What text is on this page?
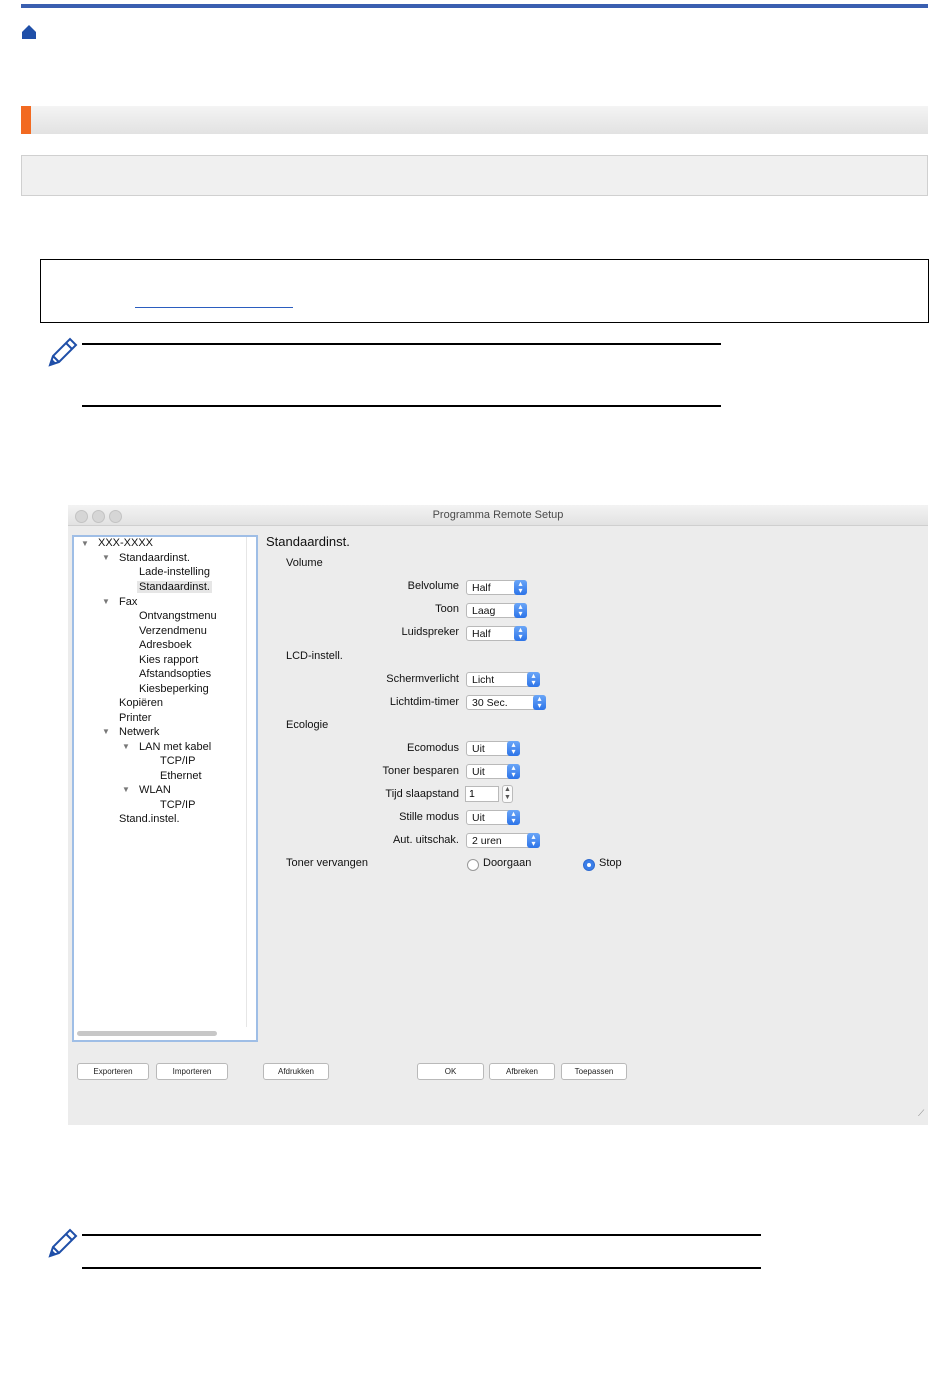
Programma Remote Setup
▼ XXX-XXXX
▼ Standaardinst.
Lade-instelling
Standaardinst.
▼ Fax
Ontvangstmenu
Verzendmenu
Adresboek
Kies rapport
Afstandsopties
Kiesbeperking
Kopiëren
Printer
▼ Netwerk
▼ LAN met kabel
TCP/IP
Ethernet
▼ WLAN
TCP/IP
Stand.instel.
Standaardinst.
Volume
Belvolume	Half	▴
▾
Toon	Laag	▴
▾
Luidspreker	Half	▴
▾
LCD-instell.
Schermverlicht	Licht	▴
▾
Lichtdim-timer	30 Sec.	▴
▾
Ecologie
Ecomodus	Uit	▴
▾
Toner besparen	Uit	▴
▾
Tijd slaapstand 1	▲
▼
Stille modus	Uit	▴
▾
Aut. uitschak.	2 uren	▴
▾
Toner vervangen	Doorgaan	Stop
Exporteren	Importeren	Afdrukken	OK	Afbreken	Toepassen
⟋
